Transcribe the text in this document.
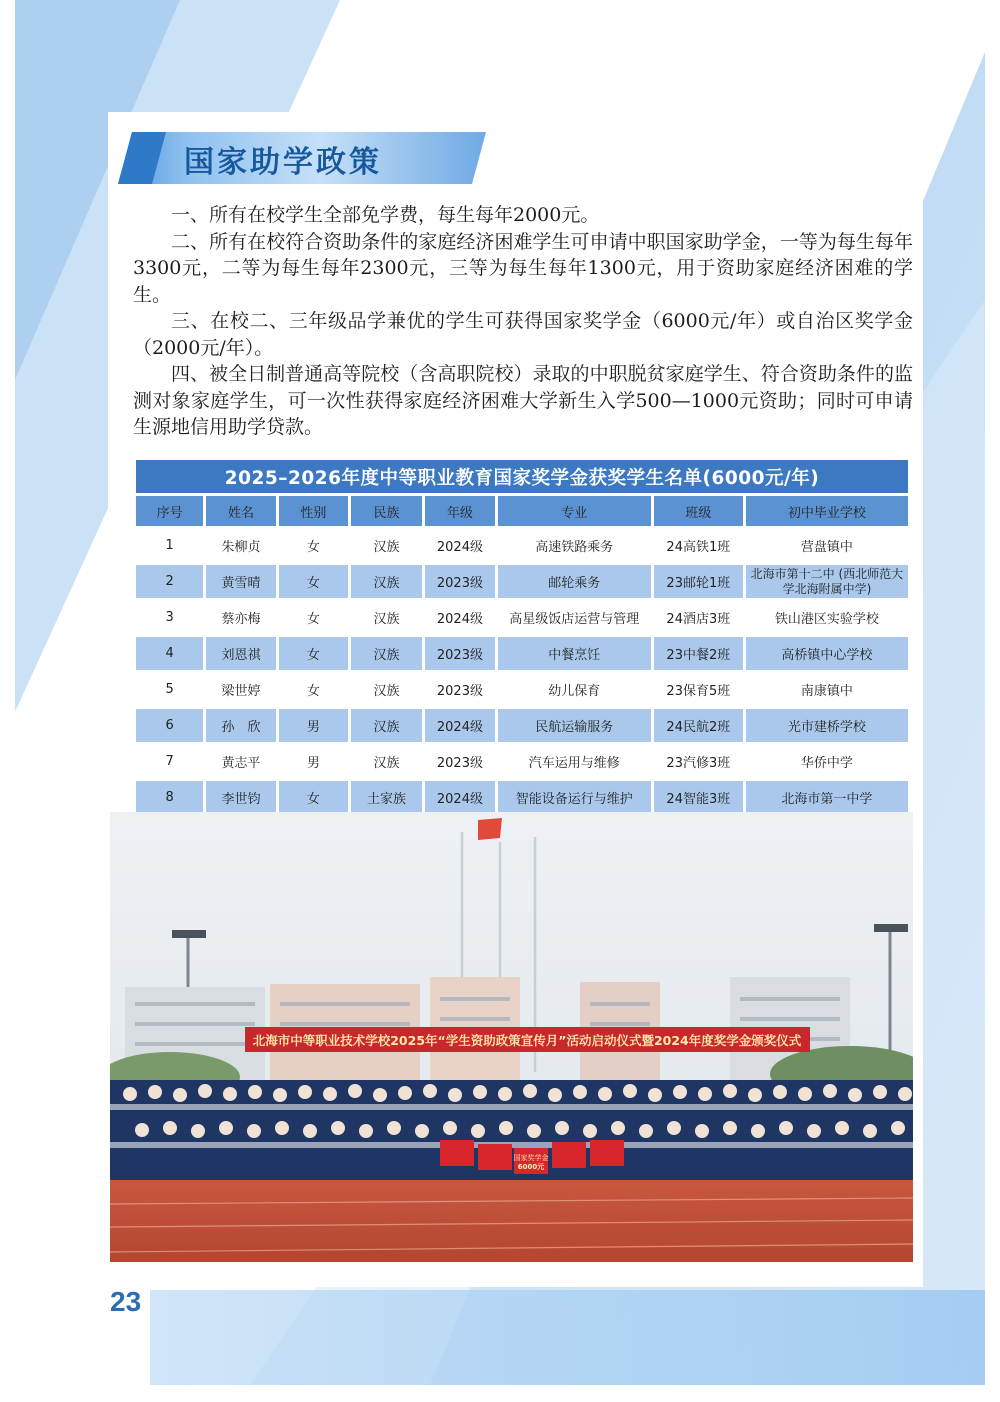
国家助学政策

一、所有在校学生全部免学费，每生每年2000元。

二、所有在校符合资助条件的家庭经济困难学生可申请中职国家助学金，一等为每生每年3300元，二等为每生每年2300元，三等为每生每年1300元，用于资助家庭经济困难的学生。

三、在校二、三年级品学兼优的学生可获得国家奖学金（6000元/年）或自治区奖学金（2000元/年）。

四、被全日制普通高等院校（含高职院校）录取的中职脱贫家庭学生、符合资助条件的监测对象家庭学生，可一次性获得家庭经济困难大学新生入学500—1000元资助；同时可申请生源地信用助学贷款。

2025–2026年度中等职业教育国家奖学金获奖学生名单(6000元/年)							
序号	姓名	性别	民族	年级	专业	班级	初中毕业学校
1	朱柳贞	女	汉族	2024级	高速铁路乘务	24高铁1班	营盘镇中
2	黄雪晴	女	汉族	2023级	邮轮乘务	23邮轮1班	北海市第十二中 (西北师范大学北海附属中学)
3	蔡亦梅	女	汉族	2024级	高星级饭店运营与管理	24酒店3班	铁山港区实验学校
4	刘恩祺	女	汉族	2023级	中餐烹饪	23中餐2班	高桥镇中心学校
5	梁世婷	女	汉族	2023级	幼儿保育	23保育5班	南康镇中
6	孙　欣	男	汉族	2024级	民航运输服务	24民航2班	光市建桥学校
7	黄志平	男	汉族	2023级	汽车运用与维修	23汽修3班	华侨中学
8	李世钧	女	土家族	2024级	智能设备运行与维护	24智能3班	北海市第一中学
北海市中等职业技术学校2025年“学生资助政策宣传月”活动启动仪式暨2024年度奖学金颁奖仪式
国家奖学金
6000元
23
